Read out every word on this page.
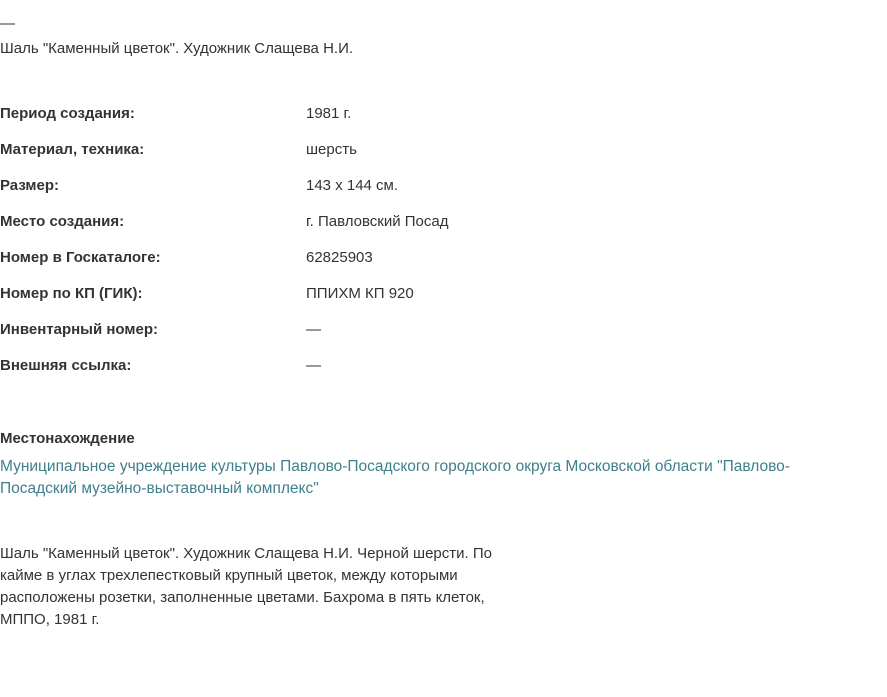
—
Шаль "Каменный цветок". Художник Слащева Н.И.
Период создания:	1981 г.
Материал, техника:	шерсть
Размер:	143 x 144 см.
Место создания:	г. Павловский Посад
Номер в Госкаталоге:	62825903
Номер по КП (ГИК):	ППИХМ КП 920
Инвентарный номер:	—
Внешняя ссылка:	—
Местонахождение
Муниципальное учреждение культуры Павлово-Посадского городского округа Московской области "Павлово-
Посадский музейно-выставочный комплекс"
Шаль "Каменный цветок". Художник Слащева Н.И. Черной шерсти. По
кайме в углах трехлепестковый крупный цветок, между которыми
расположены розетки, заполненные цветами. Бахрома в пять клеток,
МППО, 1981 г.
